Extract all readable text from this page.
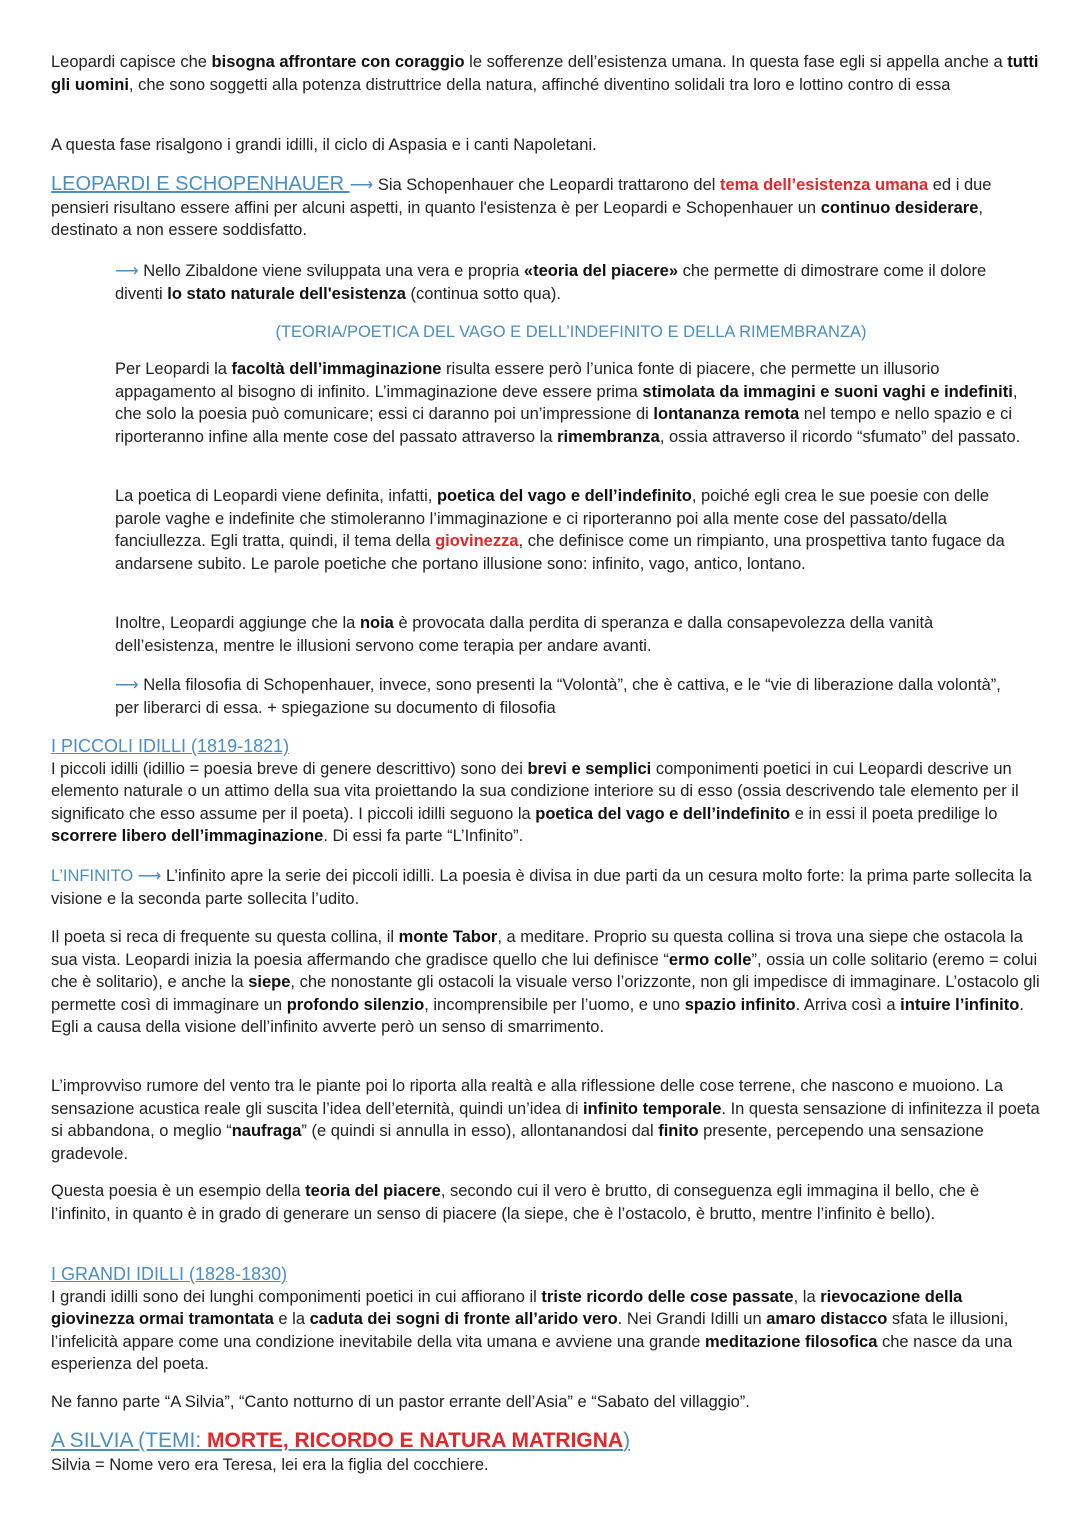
Leopardi capisce che bisogna affrontare con coraggio le sofferenze dell’esistenza umana. In questa fase egli si appella anche a tutti gli uomini, che sono soggetti alla potenza distruttrice della natura, affinché diventino solidali tra loro e lottino contro di essa
A questa fase risalgono i grandi idilli, il ciclo di Aspasia e i canti Napoletani.
LEOPARDI E SCHOPENHAUER ⟶ Sia Schopenhauer che Leopardi trattarono del tema dell’esistenza umana ed i due pensieri risultano essere affini per alcuni aspetti, in quanto l'esistenza è per Leopardi e Schopenhauer un continuo desiderare, destinato a non essere soddisfatto.
⟶ Nello Zibaldone viene sviluppata una vera e propria «teoria del piacere» che permette di dimostrare come il dolore diventi lo stato naturale dell'esistenza (continua sotto qua).
(TEORIA/POETICA DEL VAGO E DELL’INDEFINITO E DELLA RIMEMBRANZA)
Per Leopardi la facoltà dell’immaginazione risulta essere però l’unica fonte di piacere, che permette un illusorio appagamento al bisogno di infinito. L’immaginazione deve essere prima stimolata da immagini e suoni vaghi e indefiniti, che solo la poesia può comunicare; essi ci daranno poi un’impressione di lontananza remota nel tempo e nello spazio e ci riporteranno infine alla mente cose del passato attraverso la rimembranza, ossia attraverso il ricordo “sfumato” del passato.
La poetica di Leopardi viene definita, infatti, poetica del vago e dell’indefinito, poiché egli crea le sue poesie con delle parole vaghe e indefinite che stimoleranno l’immaginazione e ci riporteranno poi alla mente cose del passato/della fanciullezza. Egli tratta, quindi, il tema della giovinezza, che definisce come un rimpianto, una prospettiva tanto fugace da andarsene subito. Le parole poetiche che portano illusione sono: infinito, vago, antico, lontano.
Inoltre, Leopardi aggiunge che la noia è provocata dalla perdita di speranza e dalla consapevolezza della vanità dell’esistenza, mentre le illusioni servono come terapia per andare avanti.
⟶ Nella filosofia di Schopenhauer, invece, sono presenti la “Volontà”, che è cattiva, e le “vie di liberazione dalla volontà”, per liberarci di essa. + spiegazione su documento di filosofia
I PICCOLI IDILLI (1819-1821)
I piccoli idilli (idillio = poesia breve di genere descrittivo) sono dei brevi e semplici componimenti poetici in cui Leopardi descrive un elemento naturale o un attimo della sua vita proiettando la sua condizione interiore su di esso (ossia descrivendo tale elemento per il significato che esso assume per il poeta). I piccoli idilli seguono la poetica del vago e dell’indefinito e in essi il poeta predilige lo scorrere libero dell’immaginazione. Di essi fa parte “L’Infinito”.
L’INFINITO ⟶ L’infinito apre la serie dei piccoli idilli. La poesia è divisa in due parti da un cesura molto forte: la prima parte sollecita la visione e la seconda parte sollecita l’udito.
Il poeta si reca di frequente su questa collina, il monte Tabor, a meditare. Proprio su questa collina si trova una siepe che ostacola la sua vista. Leopardi inizia la poesia affermando che gradisce quello che lui definisce “ermo colle”, ossia un colle solitario (eremo = colui che è solitario), e anche la siepe, che nonostante gli ostacoli la visuale verso l’orizzonte, non gli impedisce di immaginare. L’ostacolo gli permette così di immaginare un profondo silenzio, incomprensibile per l’uomo, e uno spazio infinito. Arriva così a intuire l’infinito. Egli a causa della visione dell’infinito avverte però un senso di smarrimento.
L’improvviso rumore del vento tra le piante poi lo riporta alla realtà e alla riflessione delle cose terrene, che nascono e muoiono. La sensazione acustica reale gli suscita l’idea dell’eternità, quindi un’idea di infinito temporale. In questa sensazione di infinitezza il poeta si abbandona, o meglio “naufraga” (e quindi si annulla in esso), allontanandosi dal finito presente, percependo una sensazione gradevole.
Questa poesia è un esempio della teoria del piacere, secondo cui il vero è brutto, di conseguenza egli immagina il bello, che è l’infinito, in quanto è in grado di generare un senso di piacere (la siepe, che è l’ostacolo, è brutto, mentre l’infinito è bello).
I GRANDI IDILLI (1828-1830)
I grandi idilli sono dei lunghi componimenti poetici in cui affiorano il triste ricordo delle cose passate, la rievocazione della giovinezza ormai tramontata e la caduta dei sogni di fronte all’arido vero. Nei Grandi Idilli un amaro distacco sfata le illusioni, l’infelicità appare come una condizione inevitabile della vita umana e avviene una grande meditazione filosofica che nasce da una esperienza del poeta.
Ne fanno parte “A Silvia”, “Canto notturno di un pastor errante dell’Asia” e “Sabato del villaggio”.
A SILVIA (TEMI: MORTE, RICORDO E NATURA MATRIGNA)
Silvia = Nome vero era Teresa, lei era la figlia del cocchiere.
